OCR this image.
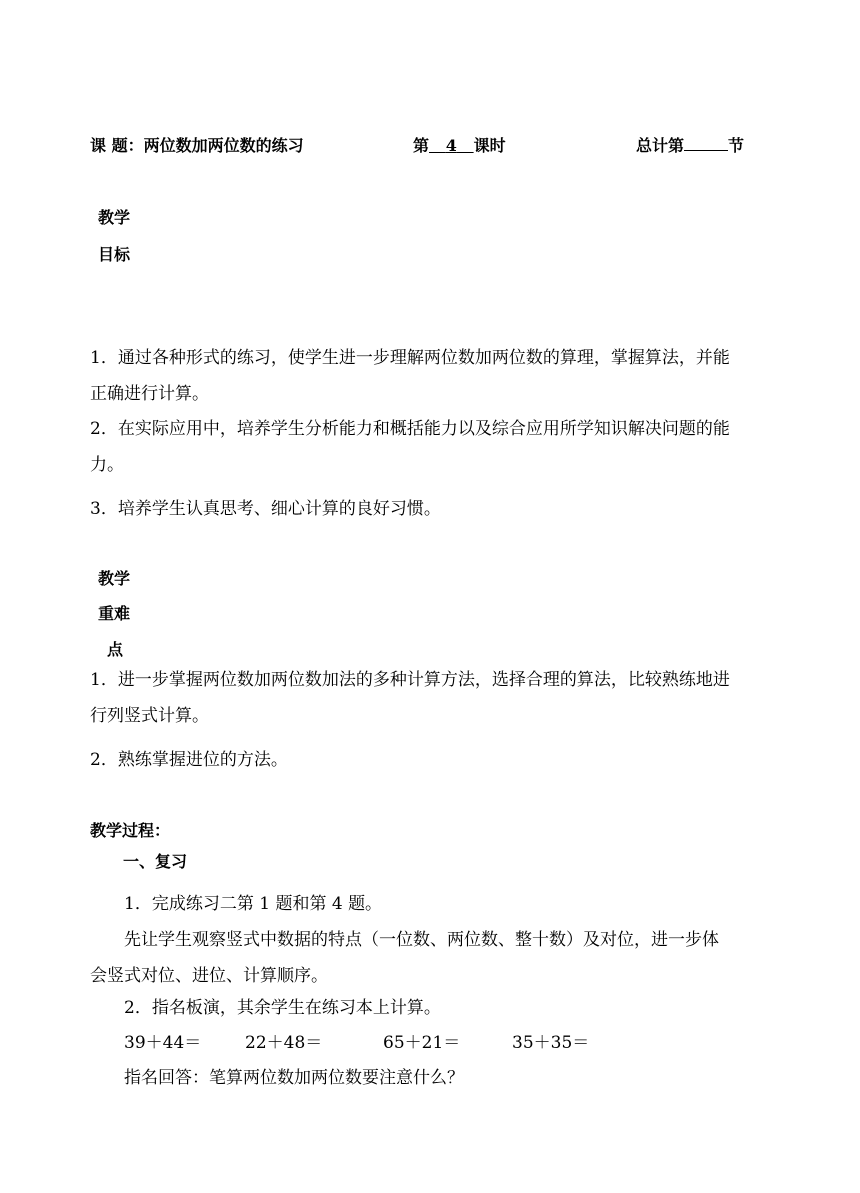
课 题：两位数加两位数的练习	第 4 课时	总计第	节
教学
目标
1．通过各种形式的练习，使学生进一步理解两位数加两位数的算理，掌握算法，并能
正确进行计算。
2．在实际应用中，培养学生分析能力和概括能力以及综合应用所学知识解决问题的能
力。
3．培养学生认真思考、细心计算的良好习惯。
教学
重难
点
1．进一步掌握两位数加两位数加法的多种计算方法，选择合理的算法，比较熟练地进
行列竖式计算。
2．熟练掌握进位的方法。
教学过程：
一、复习
1．完成练习二第 1 题和第 4 题。
先让学生观察竖式中数据的特点（一位数、两位数、整十数）及对位，进一步体
会竖式对位、进位、计算顺序。
2．指名板演，其余学生在练习本上计算。
39＋44＝	22＋48＝	65＋21＝	35＋35＝
指名回答：笔算两位数加两位数要注意什么？
